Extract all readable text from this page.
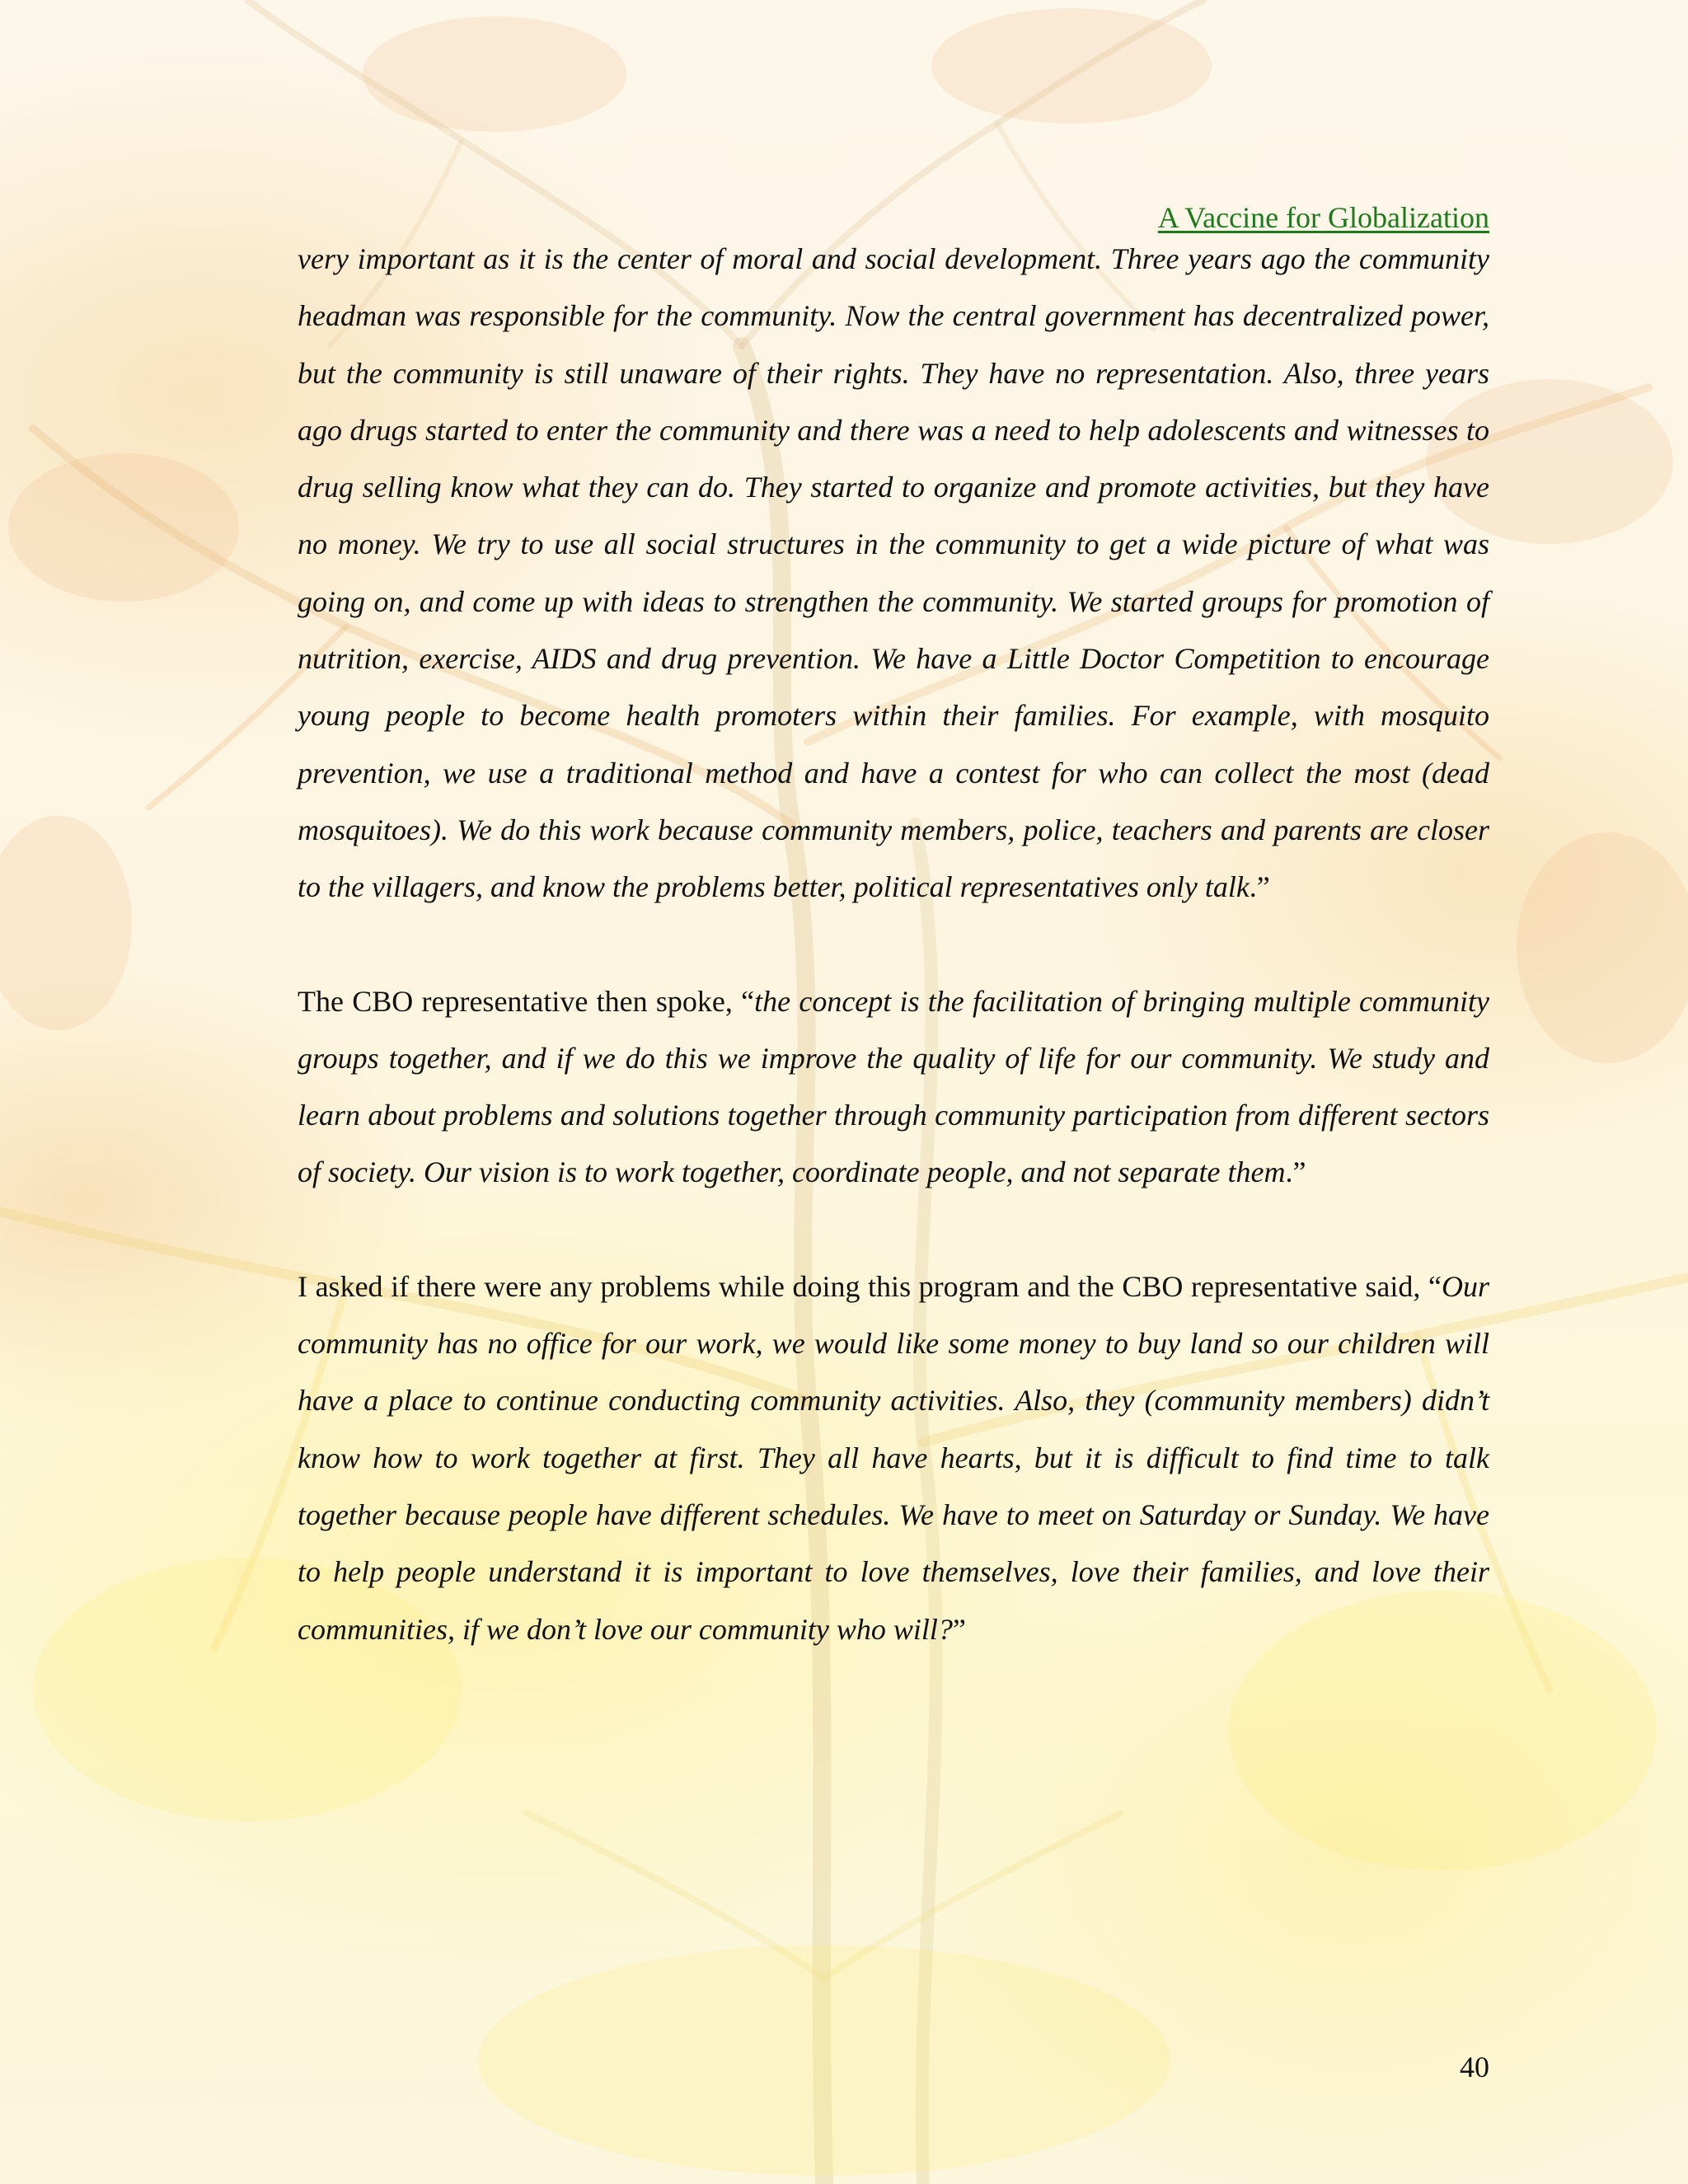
A Vaccine for Globalization

very important as it is the center of moral and social development. Three years ago the community headman was responsible for the community. Now the central government has decentralized power, but the community is still unaware of their rights. They have no representation. Also, three years ago drugs started to enter the community and there was a need to help adolescents and witnesses to drug selling know what they can do. They started to organize and promote activities, but they have no money. We try to use all social structures in the community to get a wide picture of what was going on, and come up with ideas to strengthen the community. We started groups for promotion of nutrition, exercise, AIDS and drug prevention. We have a Little Doctor Competition to encourage young people to become health promoters within their families. For example, with mosquito prevention, we use a traditional method and have a contest for who can collect the most (dead mosquitoes). We do this work because community members, police, teachers and parents are closer to the villagers, and know the problems better, political representatives only talk.”

The CBO representative then spoke, “the concept is the facilitation of bringing multiple community groups together, and if we do this we improve the quality of life for our community. We study and learn about problems and solutions together through community participation from different sectors of society. Our vision is to work together, coordinate people, and not separate them.”

I asked if there were any problems while doing this program and the CBO representative said, “Our community has no office for our work, we would like some money to buy land so our children will have a place to continue conducting community activities. Also, they (community members) didn’t know how to work together at first. They all have hearts, but it is difficult to find time to talk together because people have different schedules. We have to meet on Saturday or Sunday. We have to help people understand it is important to love themselves, love their families, and love their communities, if we don’t love our community who will?”

40
